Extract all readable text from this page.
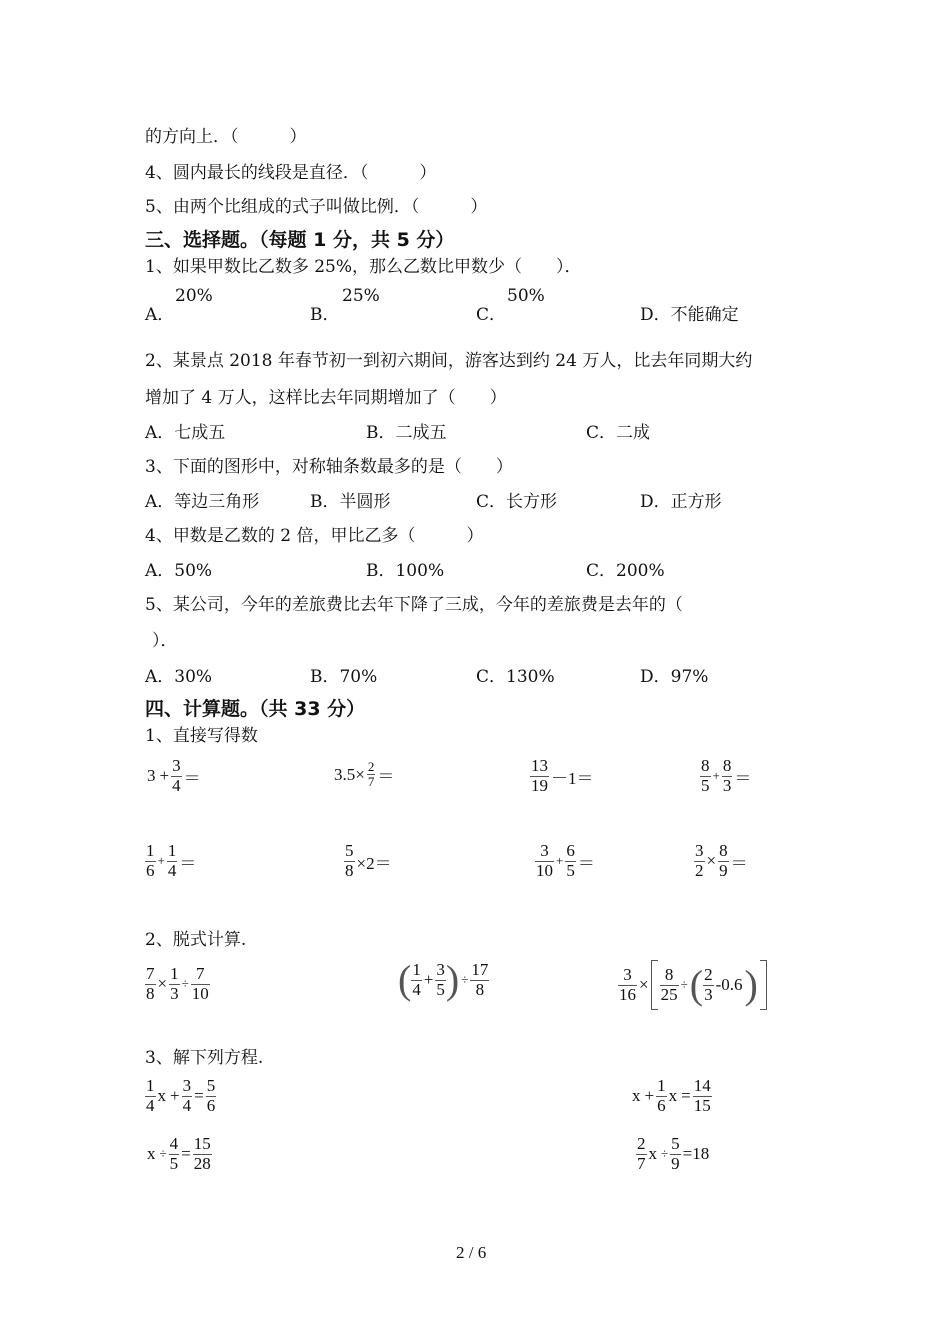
的方向上．（　　　）
4、圆内最长的线段是直径．（　　　）
5、由两个比组成的式子叫做比例．（　　　）
三、选择题。（每题 1 分，共 5 分）
1、如果甲数比乙数多 25%，那么乙数比甲数少（　　）．
A．
20%
B．
25%
C．
50%
D．不能确定
2、某景点 2018 年春节初一到初六期间，游客达到约 24 万人，比去年同期大约
增加了 4 万人，这样比去年同期增加了（　　）
A．七成五	B．二成五	C．二成
3、下面的图形中，对称轴条数最多的是（　　）
A．等边三角形	B．半圆形	C．长方形	D．正方形
4、甲数是乙数的 2 倍，甲比乙多（　　　）
A．50%	B．100%	C．200%
5、某公司，今年的差旅费比去年下降了三成，今年的差旅费是去年的（
）．
A．30%	B．70%	C．130%	D．97%
四、计算题。（共 33 分）
1、直接写得数
$3 + \frac{3}{4}$ ＝	$3.5\times \frac{2}{7}$ ＝	$\frac{13}{19} -1=$	$\frac{8}{5} + \frac{8}{3}$ ＝
$\frac{1}{6} + \frac{1}{4}$ ＝	$\frac{5}{8} \times 2=$	$\frac{3}{10} + \frac{6}{5}$ ＝	$\frac{3}{2} \times \frac{8}{9}$ ＝
2、脱式计算.
$\frac{7}{8} \times \frac{1}{3} \div \frac{7}{10}$	( $\frac{1}{4} + \frac{3}{5}$ ) ÷ $\frac{17}{8}$	$\frac{3}{16} \times \frac{8}{25}$ ÷( $\frac{2}{3} -0.6$)
3、解下列方程.
$\frac{1}{4}$ $x + \frac{3}{4} = \frac{5}{6}$	$x + \frac{1}{6}$ $x = \frac{14}{15}$
$x \div \frac{4}{5} = \frac{15}{28}$	$\frac{2}{7}$ $x \div \frac{5}{9} =18$
2 / 6
